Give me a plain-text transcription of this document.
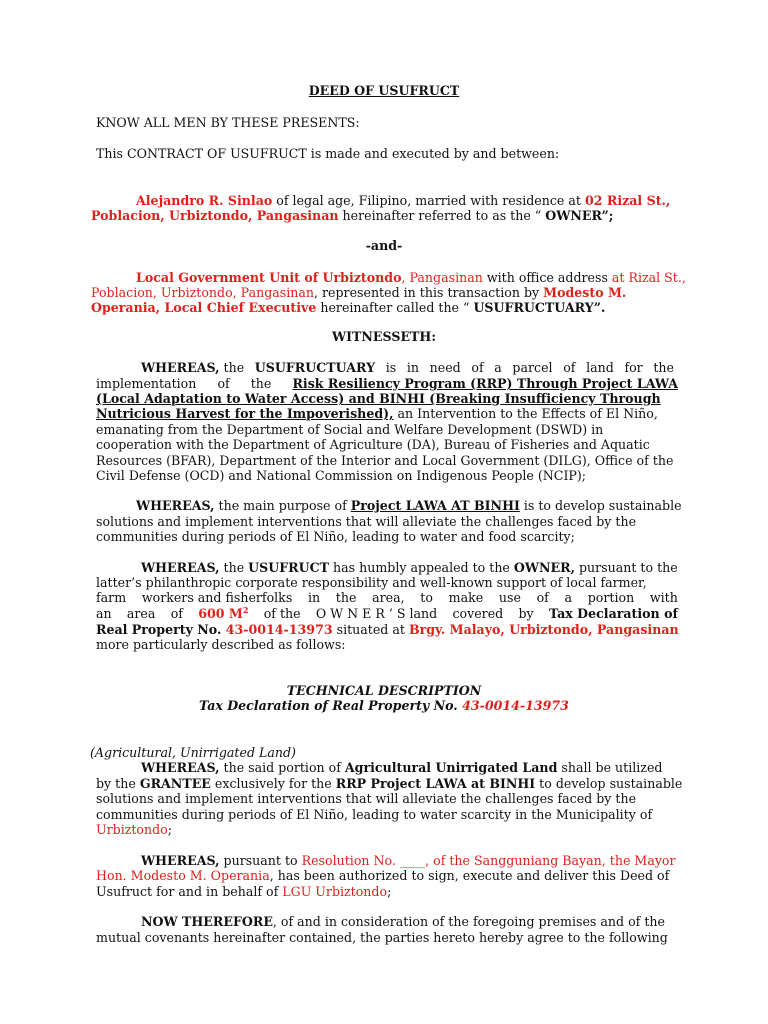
DEED OF USUFRUCT
KNOW ALL MEN BY THESE PRESENTS:
This CONTRACT OF USUFRUCT is made and executed by and between:
Alejandro R. Sinlao of legal age, Filipino, married with residence at 02 Rizal St.,
Poblacion, Urbiztondo, Pangasinan hereinafter referred to as the “ OWNER”;
-and-
Local Government Unit of Urbiztondo, Pangasinan with office address at Rizal St.,
Poblacion, Urbiztondo, Pangasinan, represented in this transaction by Modesto M.
Operania, Local Chief Executive hereinafter called the “ USUFRUCTUARY”.
WITNESSETH:
WHEREAS, the USUFRUCTUARY is in need of a parcel of land for the
implementation of the Risk Resiliency Program (RRP) Through Project LAWA
(Local Adaptation to Water Access) and BINHI (Breaking Insufficiency Through
Nutricious Harvest for the Impoverished), an Intervention to the Effects of El Niño,
emanating from the Department of Social and Welfare Development (DSWD) in
cooperation with the Department of Agriculture (DA), Bureau of Fisheries and Aquatic
Resources (BFAR), Department of the Interior and Local Government (DILG), Office of the
Civil Defense (OCD) and National Commission on Indigenous People (NCIP);
WHEREAS, the main purpose of Project LAWA AT BINHI is to develop sustainable
solutions and implement interventions that will alleviate the challenges faced by the
communities during periods of El Niño, leading to water and food scarcity;
WHEREAS, the USUFRUCT has humbly appealed to the OWNER, pursuant to the
latter’s philanthropic corporate responsibility and well-known support of local farmer,
farm workers and fisherfolks in the area, to make use of a portion with
an area of 600 $M^2$ of the O W N E R ’ S land covered by Tax Declaration of
Real Property No. 43-0014-13973 situated at Brgy. Malayo, Urbiztondo, Pangasinan
more particularly described as follows:
TECHNICAL DESCRIPTION
Tax Declaration of Real Property No. 43-0014-13973
(Agricultural, Unirrigated Land)
WHEREAS, the said portion of Agricultural Unirrigated Land shall be utilized
by the GRANTEE exclusively for the RRP Project LAWA at BINHI to develop sustainable
solutions and implement interventions that will alleviate the challenges faced by the
communities during periods of El Niño, leading to water scarcity in the Municipality of
Urbiztondo;
WHEREAS, pursuant to Resolution No. ____, of the Sangguniang Bayan, the Mayor
Hon. Modesto M. Operania, has been authorized to sign, execute and deliver this Deed of
Usufruct for and in behalf of LGU Urbiztondo;
NOW THEREFORE, of and in consideration of the foregoing premises and of the
mutual covenants hereinafter contained, the parties hereto hereby agree to the following
